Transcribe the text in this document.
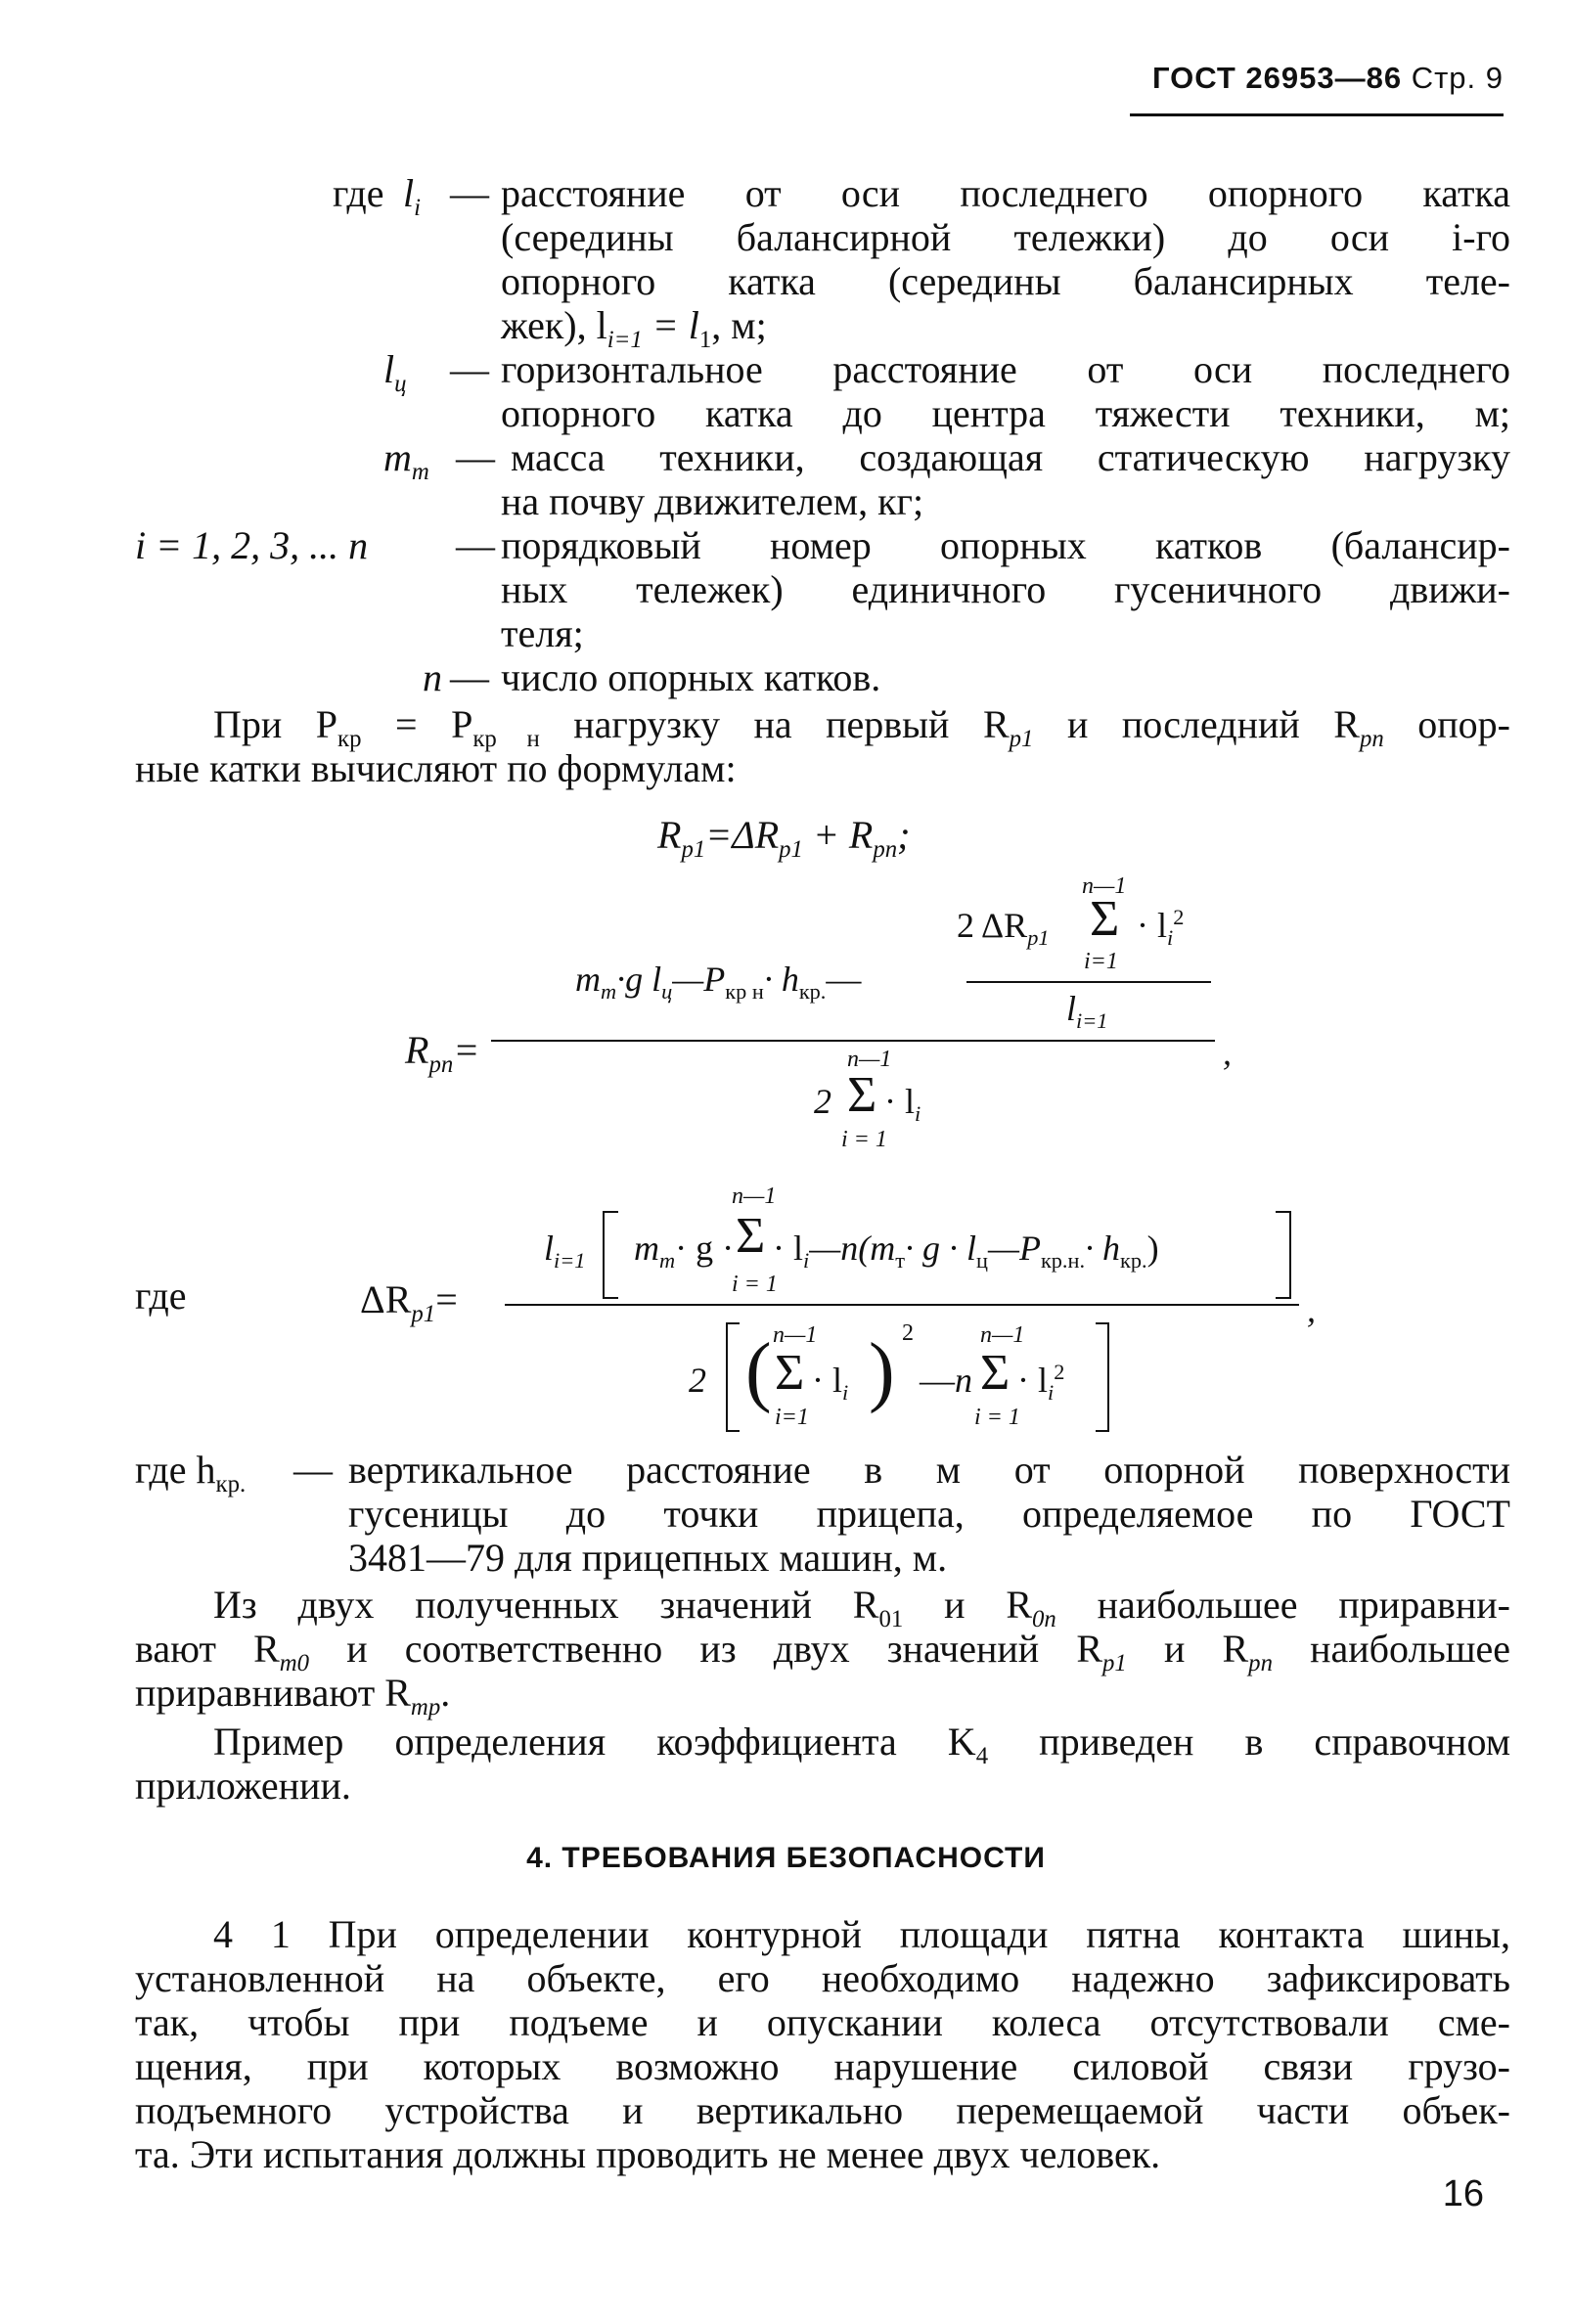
ГОСТ 26953—86 Стр. 9
где $l_i$ — расстояние от оси последнего опорного катка
(середины балансирной тележки) до оси i-го
опорного катка (середины балансирных теле-
жек), $l_{i=1} = l_1$, м;
$l_ц$ — горизонтальное расстояние от оси последнего
опорного катка до центра тяжести техники, м;
$m_т$ — масса техники, создающая статическую нагрузку
на почву движителем, кг;
i = 1, 2, 3, ... n — порядковый номер опорных катков (балансир-
ных тележек) единичного гусеничного движи-
теля;
n — число опорных катков.
При $P_{кр} = P_{кр н}$ нагрузку на первый $R_{p1}$ и последний $R_{pn}$ опор-
ные катки вычисляют по формулам:
$R_{p1}=\Delta R_{p1} + R_{pn}$;
$R_{pn}=$
n—1
2 $\Delta R_{p1}$ $\Sigma \cdot l_i^2$
i=1
$l_{i=1}$
$m_т\cdot g$ $l_ц—P_{кр н}\cdot$ $h_{кр.}—$
,
n—1
2 $\Sigma \cdot l_i$
i = 1
где	$\Delta R_{p1}=$
$l_{i=1}$
n—1
$m_т\cdot g \cdot \Sigma$
i = 1
· $l_i—n(m_т\cdot g$ · $l_ц—P_{кр.н.}\cdot h_{кр.}$)
,
2 ( n—1
Σ
i=1
· $l_i$ ) 2
—n
n—1
Σ
i = 1
· $l_i^2$
где $h_{кр.}$ — вертикальное расстояние в м от опорной поверхности
гусеницы до точки прицепа, определяемое по ГОСТ
3481—79 для прицепных машин, м.
Из двух полученных значений $R_{01}$ и $R_{0n}$ наибольшее приравни-
вают $R_{m0}$ и соответственно из двух значений $R_{p1}$ и $R_{pn}$ наибольшее
приравнивают $R_{mp}$.
Пример определения коэффициента $K_4$ приведен в справочном
приложении.
4. ТРЕБОВАНИЯ БЕЗОПАСНОСТИ
4 1 При определении контурной площади пятна контакта шины,
установленной на объекте, его необходимо надежно зафиксировать
так, чтобы при подъеме и опускании колеса отсутствовали сме-
щения, при которых возможно нарушение силовой связи грузо-
подъемного устройства и вертикально перемещаемой части объек-
та. Эти испытания должны проводить не менее двух человек.
16
